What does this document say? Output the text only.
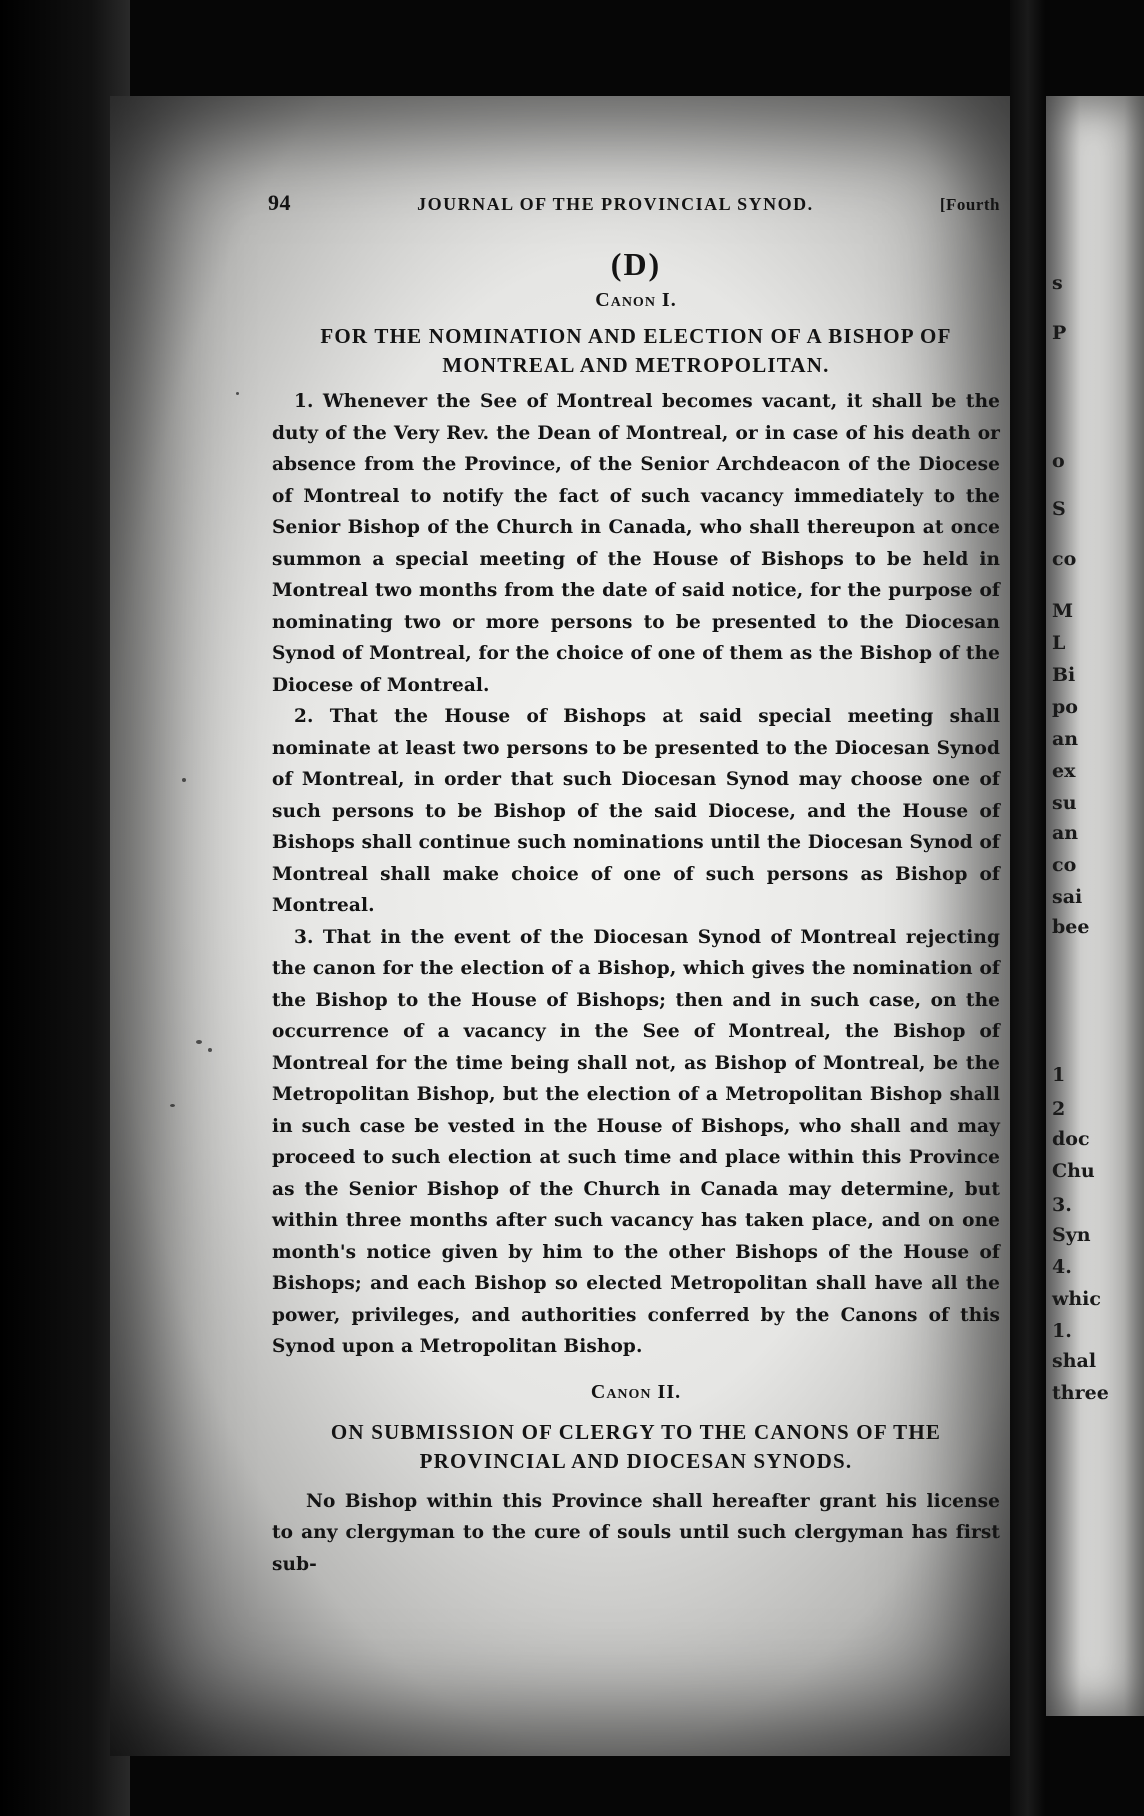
s
P
o
S
co
M
L
Bi
po
an
ex
su
an
co
sai
bee
1
2
doc
Chu
3.
Syn
4.
whic
1.
shal
three
94	JOURNAL OF THE PROVINCIAL SYNOD.	[Fourth
(D)
Canon I.
FOR THE NOMINATION AND ELECTION OF A BISHOP OF MONTREAL AND METROPOLITAN.

1. Whenever the See of Montreal becomes vacant, it shall be the duty of the Very Rev. the Dean of Montreal, or in case of his death or absence from the Province, of the Senior Archdeacon of the Diocese of Montreal to notify the fact of such vacancy immediately to the Senior Bishop of the Church in Canada, who shall thereupon at once summon a special meeting of the House of Bishops to be held in Montreal two months from the date of said notice, for the purpose of nominating two or more persons to be presented to the Diocesan Synod of Montreal, for the choice of one of them as the Bishop of the Diocese of Montreal.

2. That the House of Bishops at said special meeting shall nominate at least two persons to be presented to the Diocesan Synod of Montreal, in order that such Diocesan Synod may choose one of such persons to be Bishop of the said Diocese, and the House of Bishops shall continue such nominations until the Diocesan Synod of Montreal shall make choice of one of such persons as Bishop of Montreal.

3. That in the event of the Diocesan Synod of Montreal rejecting the canon for the election of a Bishop, which gives the nomination of the Bishop to the House of Bishops; then and in such case, on the occurrence of a vacancy in the See of Montreal, the Bishop of Montreal for the time being shall not, as Bishop of Montreal, be the Metropolitan Bishop, but the election of a Metropolitan Bishop shall in such case be vested in the House of Bishops, who shall and may proceed to such election at such time and place within this Province as the Senior Bishop of the Church in Canada may determine, but within three months after such vacancy has taken place, and on one month's notice given by him to the other Bishops of the House of Bishops; and each Bishop so elected Metropolitan shall have all the power, privileges, and authorities conferred by the Canons of this Synod upon a Metropolitan Bishop.

Canon II.
ON SUBMISSION OF CLERGY TO THE CANONS OF THE PROVINCIAL AND DIOCESAN SYNODS.

No Bishop within this Province shall hereafter grant his license to any clergyman to the cure of souls until such clergyman has first sub-
